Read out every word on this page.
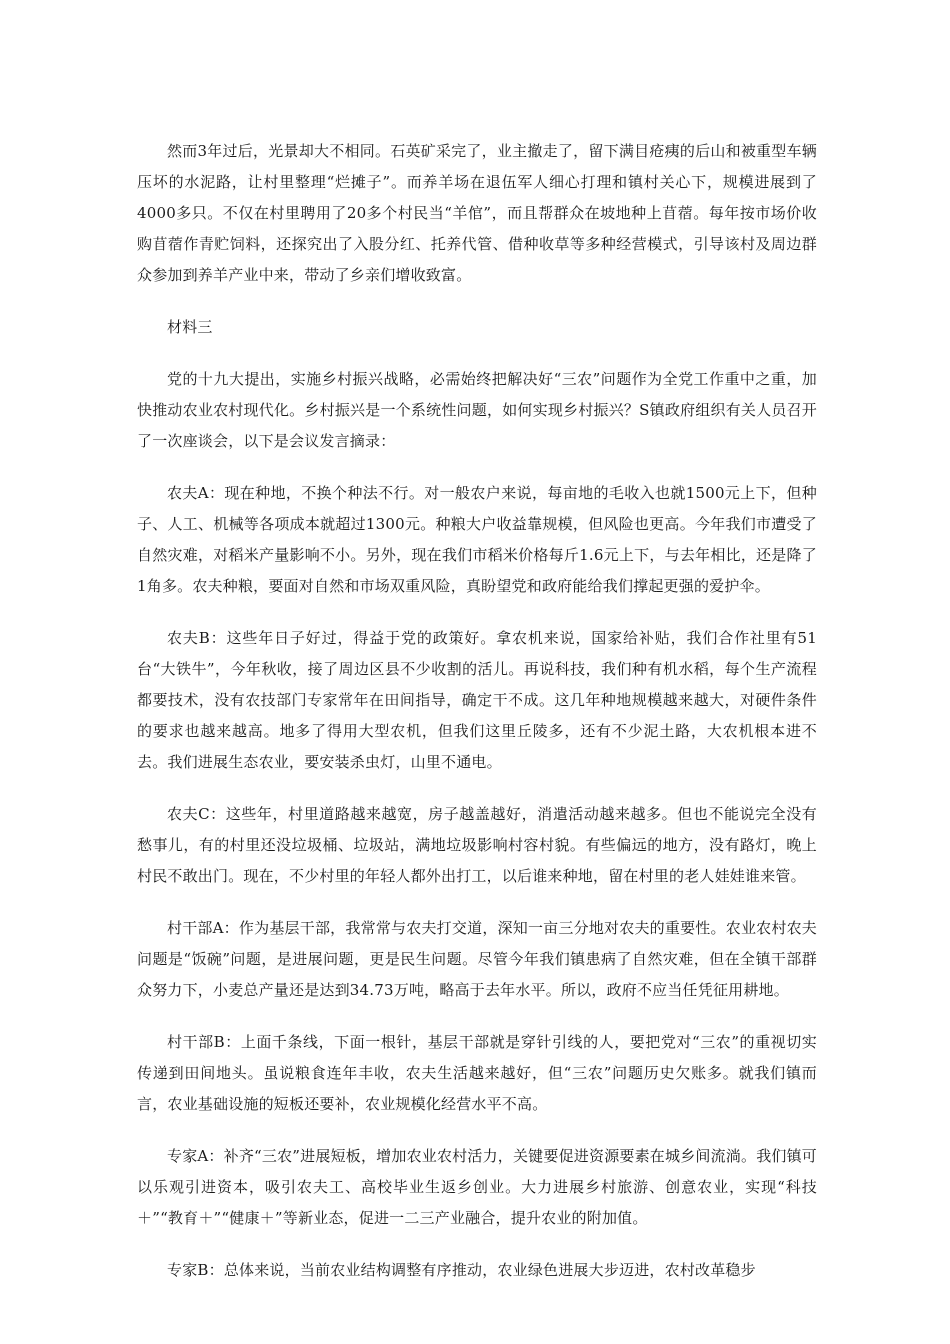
然而3年过后，光景却大不相同。石英矿采完了，业主撤走了，留下满目疮痍的后山和被重型车辆压坏的水泥路，让村里整理“烂摊子”。而养羊场在退伍军人细心打理和镇村关心下，规模进展到了4000多只。不仅在村里聘用了20多个村民当“羊倌”，而且帮群众在坡地种上苜蓿。每年按市场价收购苜蓿作青贮饲料，还探究出了入股分红、托养代管、借种收草等多种经营模式，引导该村及周边群众参加到养羊产业中来，带动了乡亲们增收致富。

材料三

党的十九大提出，实施乡村振兴战略，必需始终把解决好“三农”问题作为全党工作重中之重，加快推动农业农村现代化。乡村振兴是一个系统性问题，如何实现乡村振兴？S镇政府组织有关人员召开了一次座谈会，以下是会议发言摘录：

农夫A：现在种地，不换个种法不行。对一般农户来说，每亩地的毛收入也就1500元上下，但种子、人工、机械等各项成本就超过1300元。种粮大户收益靠规模，但风险也更高。今年我们市遭受了自然灾难，对稻米产量影响不小。另外，现在我们市稻米价格每斤1.6元上下，与去年相比，还是降了1角多。农夫种粮，要面对自然和市场双重风险，真盼望党和政府能给我们撑起更强的爱护伞。

农夫B：这些年日子好过，得益于党的政策好。拿农机来说，国家给补贴，我们合作社里有51台“大铁牛”，今年秋收，接了周边区县不少收割的活儿。再说科技，我们种有机水稻，每个生产流程都要技术，没有农技部门专家常年在田间指导，确定干不成。这几年种地规模越来越大，对硬件条件的要求也越来越高。地多了得用大型农机，但我们这里丘陵多，还有不少泥土路，大农机根本进不去。我们进展生态农业，要安装杀虫灯，山里不通电。

农夫C：这些年，村里道路越来越宽，房子越盖越好，消遣活动越来越多。但也不能说完全没有愁事儿，有的村里还没垃圾桶、垃圾站，满地垃圾影响村容村貌。有些偏远的地方，没有路灯，晚上村民不敢出门。现在，不少村里的年轻人都外出打工，以后谁来种地，留在村里的老人娃娃谁来管。

村干部A：作为基层干部，我常常与农夫打交道，深知一亩三分地对农夫的重要性。农业农村农夫问题是“饭碗”问题，是进展问题，更是民生问题。尽管今年我们镇患病了自然灾难，但在全镇干部群众努力下，小麦总产量还是达到34.73万吨，略高于去年水平。所以，政府不应当任凭征用耕地。

村干部B：上面千条线，下面一根针，基层干部就是穿针引线的人，要把党对“三农”的重视切实传递到田间地头。虽说粮食连年丰收，农夫生活越来越好，但“三农”问题历史欠账多。就我们镇而言，农业基础设施的短板还要补，农业规模化经营水平不高。

专家A：补齐“三农”进展短板，增加农业农村活力，关键要促进资源要素在城乡间流淌。我们镇可以乐观引进资本，吸引农夫工、高校毕业生返乡创业。大力进展乡村旅游、创意农业，实现“科技＋”“教育＋”“健康＋”等新业态，促进一二三产业融合，提升农业的附加值。

专家B：总体来说，当前农业结构调整有序推动，农业绿色进展大步迈进，农村改革稳步
